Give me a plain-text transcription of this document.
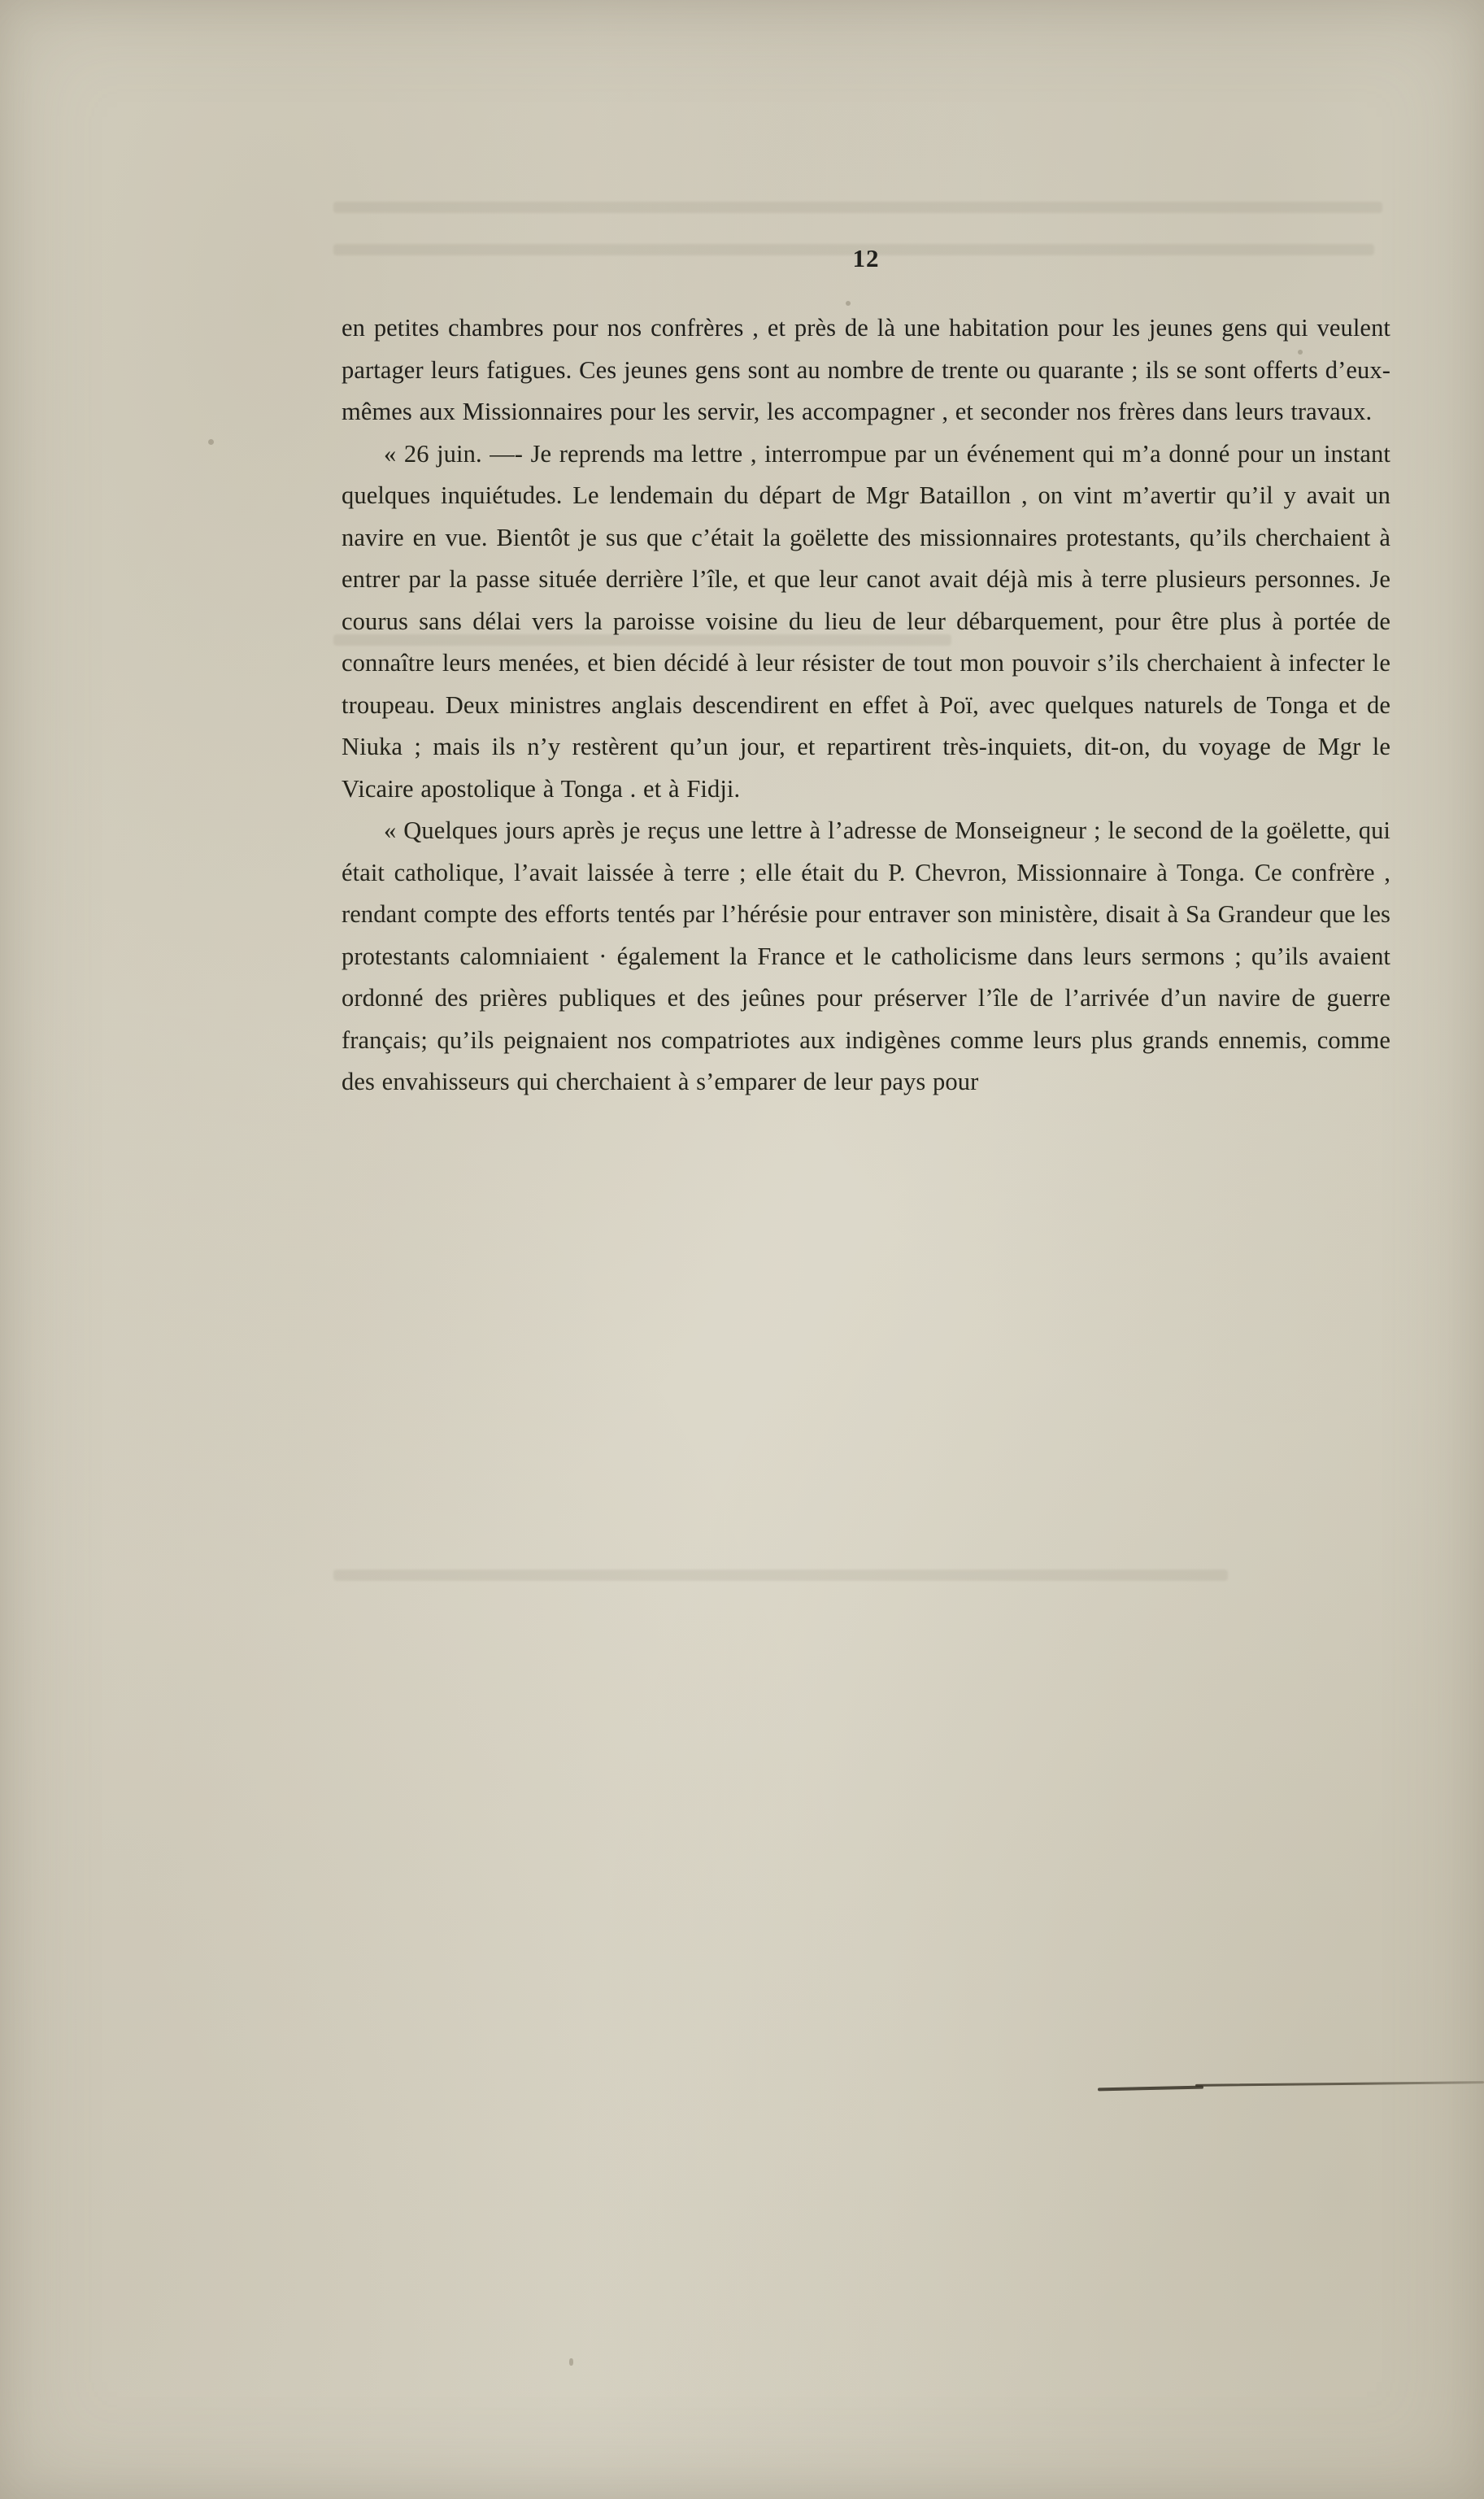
12

en petites chambres pour nos confrères , et près de là une habitation pour les jeunes gens qui veulent partager leurs fatigues. Ces jeunes gens sont au nombre de trente ou quarante ; ils se sont offerts d’eux-mêmes aux Missionnaires pour les servir, les accompagner , et seconder nos frères dans leurs travaux.

« 26 juin. —- Je reprends ma lettre , interrompue par un événement qui m’a donné pour un instant quelques inquiétudes. Le lendemain du départ de Mgr Bataillon , on vint m’avertir qu’il y avait un navire en vue. Bientôt je sus que c’était la goëlette des missionnaires protestants, qu’ils cherchaient à entrer par la passe située derrière l’île, et que leur canot avait déjà mis à terre plusieurs personnes. Je courus sans délai vers la paroisse voisine du lieu de leur débarquement, pour être plus à portée de connaître leurs menées, et bien décidé à leur résister de tout mon pouvoir s’ils cherchaient à infecter le troupeau. Deux ministres anglais descendirent en effet à Poï, avec quelques naturels de Tonga et de Niuka ; mais ils n’y restèrent qu’un jour, et repartirent très-inquiets, dit-on, du voyage de Mgr le Vicaire apostolique à Tonga . et à Fidji.

« Quelques jours après je reçus une lettre à l’adresse de Monseigneur ; le second de la goëlette, qui était catholique, l’avait laissée à terre ; elle était du P. Chevron, Missionnaire à Tonga. Ce confrère , rendant compte des efforts tentés par l’hérésie pour entraver son ministère, disait à Sa Grandeur que les protestants calomniaient · également la France et le catholicisme dans leurs sermons ; qu’ils avaient ordonné des prières publiques et des jeûnes pour préserver l’île de l’arrivée d’un navire de guerre français; qu’ils peignaient nos compatriotes aux indigènes comme leurs plus grands ennemis, comme des envahisseurs qui cherchaient à s’emparer de leur pays pour
